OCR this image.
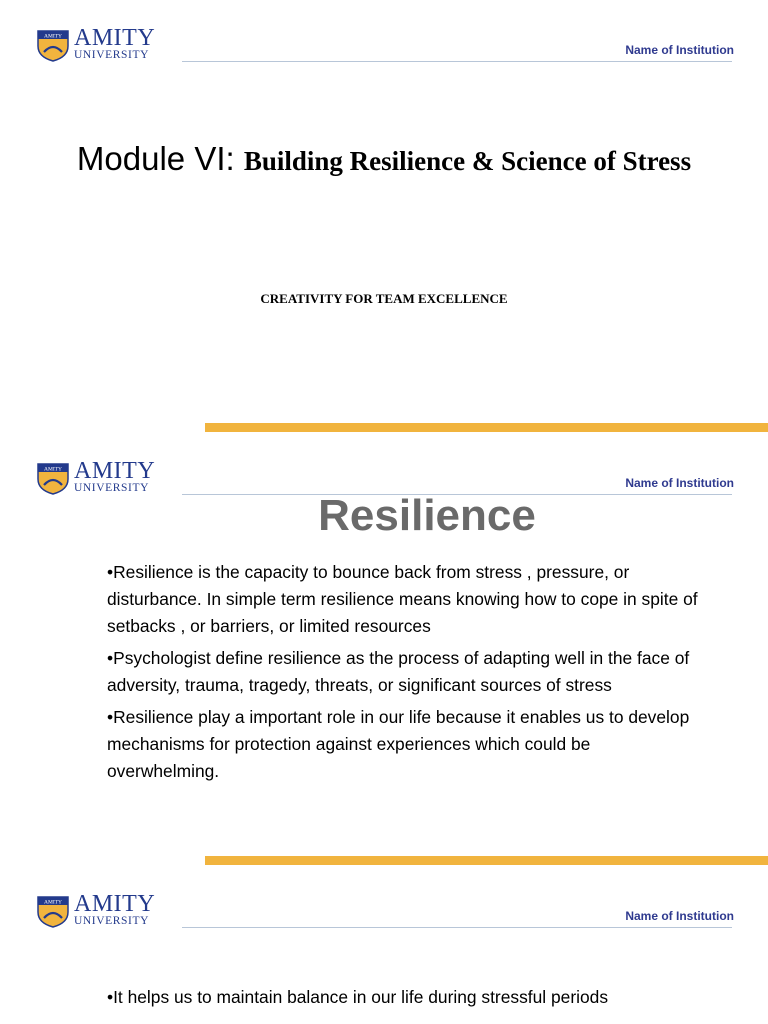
AMITY AMITY
UNIVERSITY	Name of Institution
Module VI: Building Resilience & Science of Stress
CREATIVITY FOR TEAM EXCELLENCE
AMITY AMITY
UNIVERSITY	Name of Institution
Resilience
•Resilience is the capacity to bounce back from stress , pressure, or disturbance. In simple term resilience means knowing how to cope in spite of setbacks , or barriers, or limited resources
•Psychologist define resilience as the process of adapting well in the face of adversity, trauma, tragedy, threats, or significant sources of stress
•Resilience play a important role in our life because it enables us to develop mechanisms for protection against experiences which could be overwhelming.
AMITY AMITY
UNIVERSITY	Name of Institution
•It helps us to maintain balance in our life during stressful periods
